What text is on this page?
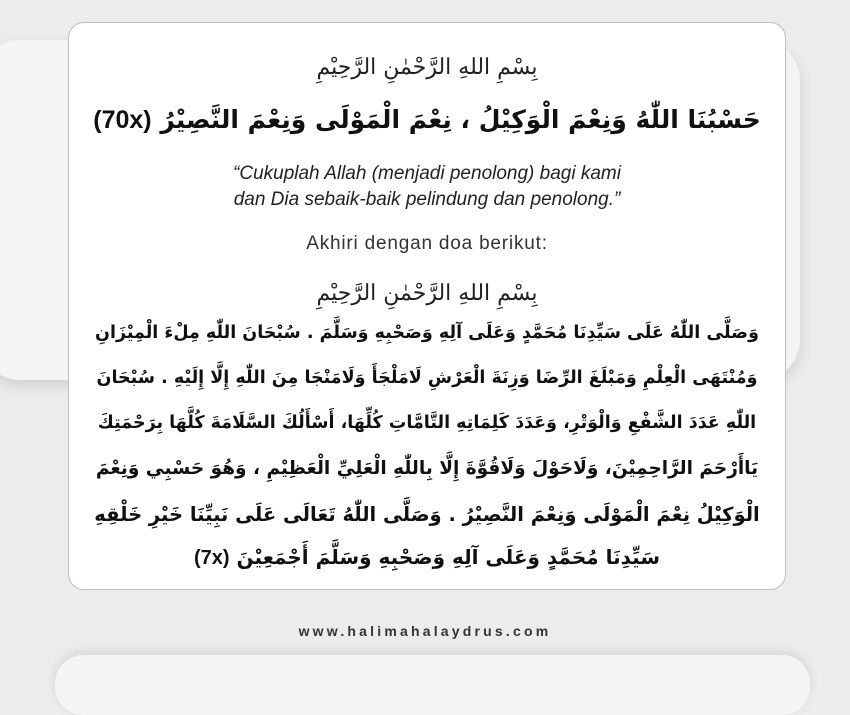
بِسْمِ اللهِ الرَّحْمٰنِ الرَّحِيْمِ
حَسْبُنَا اللّٰهُ وَنِعْمَ الْوَكِيْلُ ، نِعْمَ الْمَوْلَى وَنِعْمَ النَّصِيْرُ (70x)
“Cukuplah Allah (menjadi penolong) bagi kami
dan Dia sebaik-baik pelindung dan penolong.”
Akhiri dengan doa berikut:
بِسْمِ اللهِ الرَّحْمٰنِ الرَّحِيْمِ
وَصَلَّى اللّٰهُ عَلَى سَيِّدِنَا مُحَمَّدٍ وَعَلَى آلِهِ وَصَحْبِهِ وَسَلَّمَ . سُبْحَانَ اللّٰهِ مِلْءَ الْمِيْزَانِ
وَمُنْتَهَى الْعِلْمِ وَمَبْلَغَ الرِّضَا وَزِنَةَ الْعَرْشِ لَامَلْجَأَ وَلَامَنْجَا مِنَ اللّٰهِ إِلَّا إِلَيْهِ . سُبْحَانَ
اللّٰهِ عَدَدَ الشَّفْعِ وَالْوَتْرِ، وَعَدَدَ كَلِمَاتِهِ التَّامَّاتِ كُلِّهَا، أَسْأَلُكَ السَّلَامَةَ كُلَّهَا بِرَحْمَتِكَ
يَاأَرْحَمَ الرَّاحِمِيْنَ، وَلَاحَوْلَ وَلَاقُوَّةَ إِلَّا بِاللّٰهِ الْعَلِيِّ الْعَظِيْمِ ، وَهُوَ حَسْبِي وَنِعْمَ
الْوَكِيْلُ نِعْمَ الْمَوْلَى وَنِعْمَ النَّصِيْرُ . وَصَلَّى اللّٰهُ تَعَالَى عَلَى نَبِيِّنَا خَيْرِ خَلْقِهِ
سَيِّدِنَا مُحَمَّدٍ وَعَلَى آلِهِ وَصَحْبِهِ وَسَلَّمَ أَجْمَعِيْنَ (7x)
www.halimahalaydrus.com
